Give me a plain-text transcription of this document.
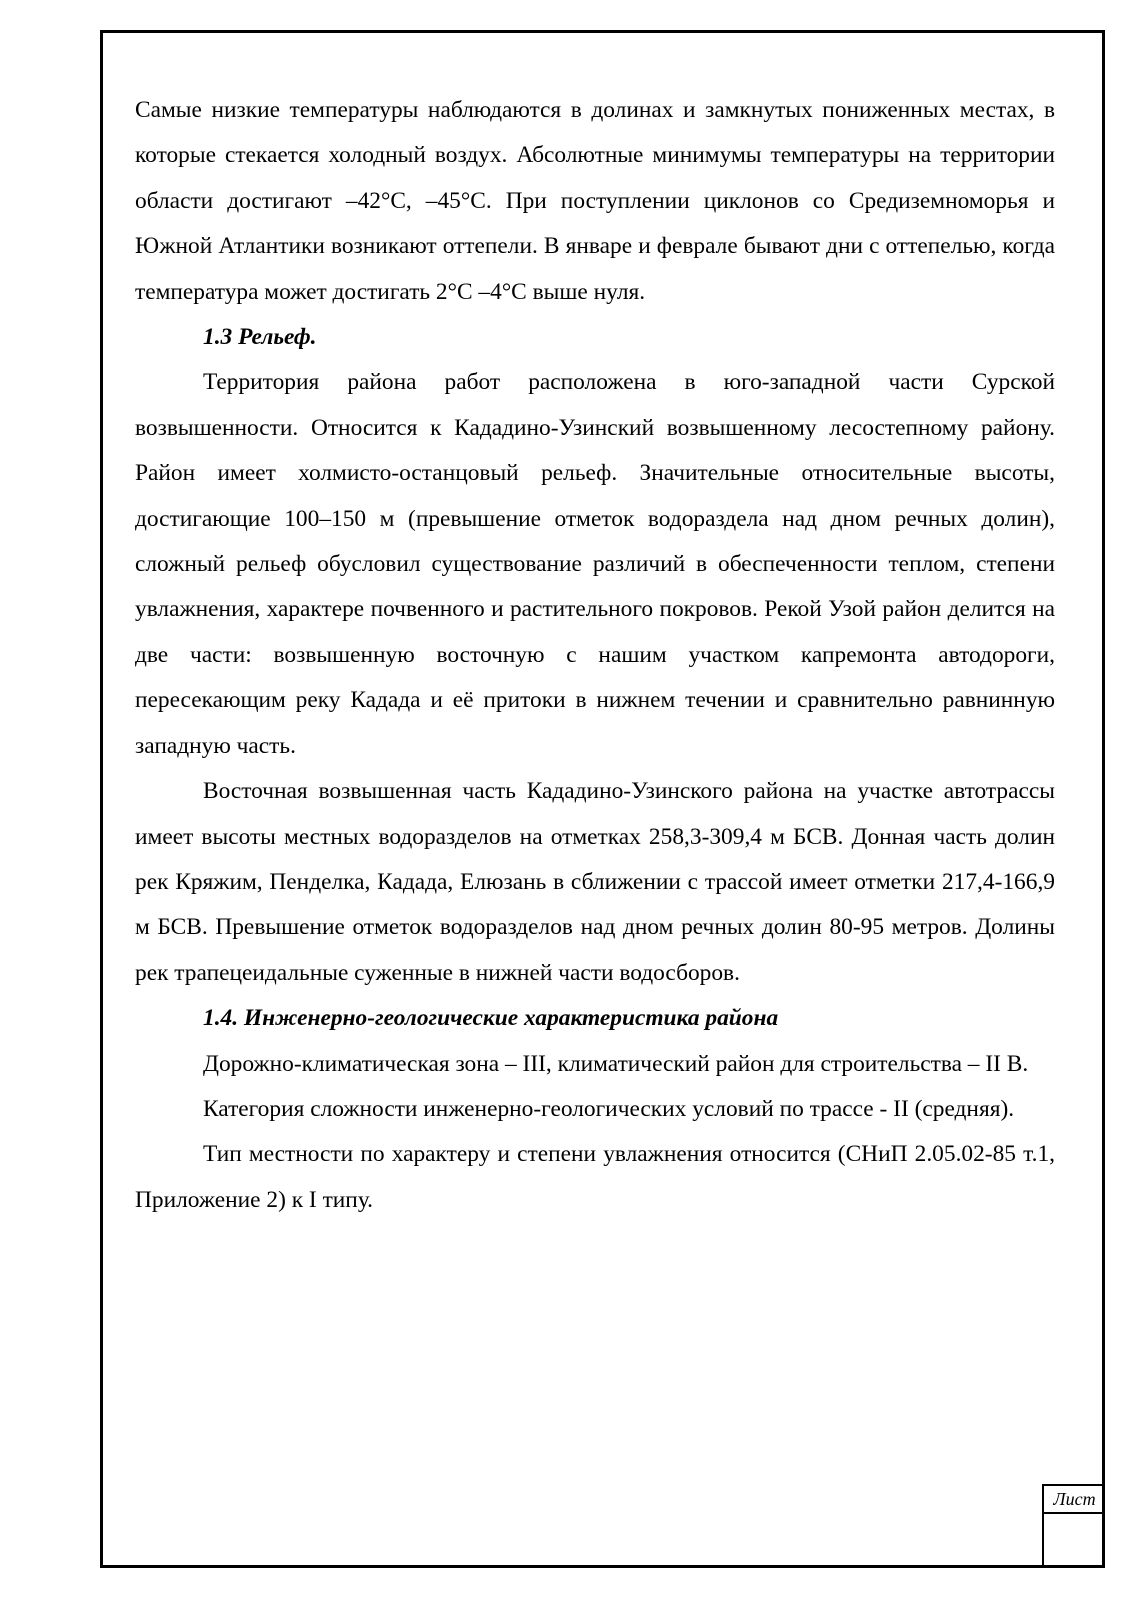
Самые низкие температуры наблюдаются в долинах и замкнутых пониженных местах, в которые стекается холодный воздух. Абсолютные минимумы температуры на территории области достигают –42°С, –45°С. При поступлении циклонов со Средиземноморья и Южной Атлантики возникают оттепели. В январе и феврале бывают дни с оттепелью, когда температура может достигать 2°С –4°С выше нуля.

1.3 Рельеф.

Территория района работ расположена в юго-западной части Сурской возвышенности. Относится к Кададино-Узинский возвышенному лесостепному району. Район имеет холмисто-останцовый рельеф. Значительные относительные высоты, достигающие 100–150 м (превышение отметок водораздела над дном речных долин), сложный рельеф обусловил существование различий в обеспеченности теплом, степени увлажнения, характере почвенного и растительного покровов. Рекой Узой район делится на две части: возвышенную восточную с нашим участком капремонта автодороги, пересекающим реку Кадада и её притоки в нижнем течении и сравнительно равнинную западную часть.

Восточная возвышенная часть Кададино-Узинского района на участке автотрассы имеет высоты местных водоразделов на отметках 258,3-309,4 м БСВ. Донная часть долин рек Кряжим, Пенделка, Кадада, Елюзань в сближении с трассой имеет отметки 217,4-166,9 м БСВ. Превышение отметок водоразделов над дном речных долин 80-95 метров. Долины рек трапецеидальные суженные в нижней части водосборов.

1.4. Инженерно-геологические характеристика района

Дорожно-климатическая зона – III, климатический район для строительства – II В.

Категория сложности инженерно-геологических условий по трассе - II (средняя).

Тип местности по характеру и степени увлажнения относится (СНиП 2.05.02-85 т.1, Приложение 2) к I типу.

Лист
